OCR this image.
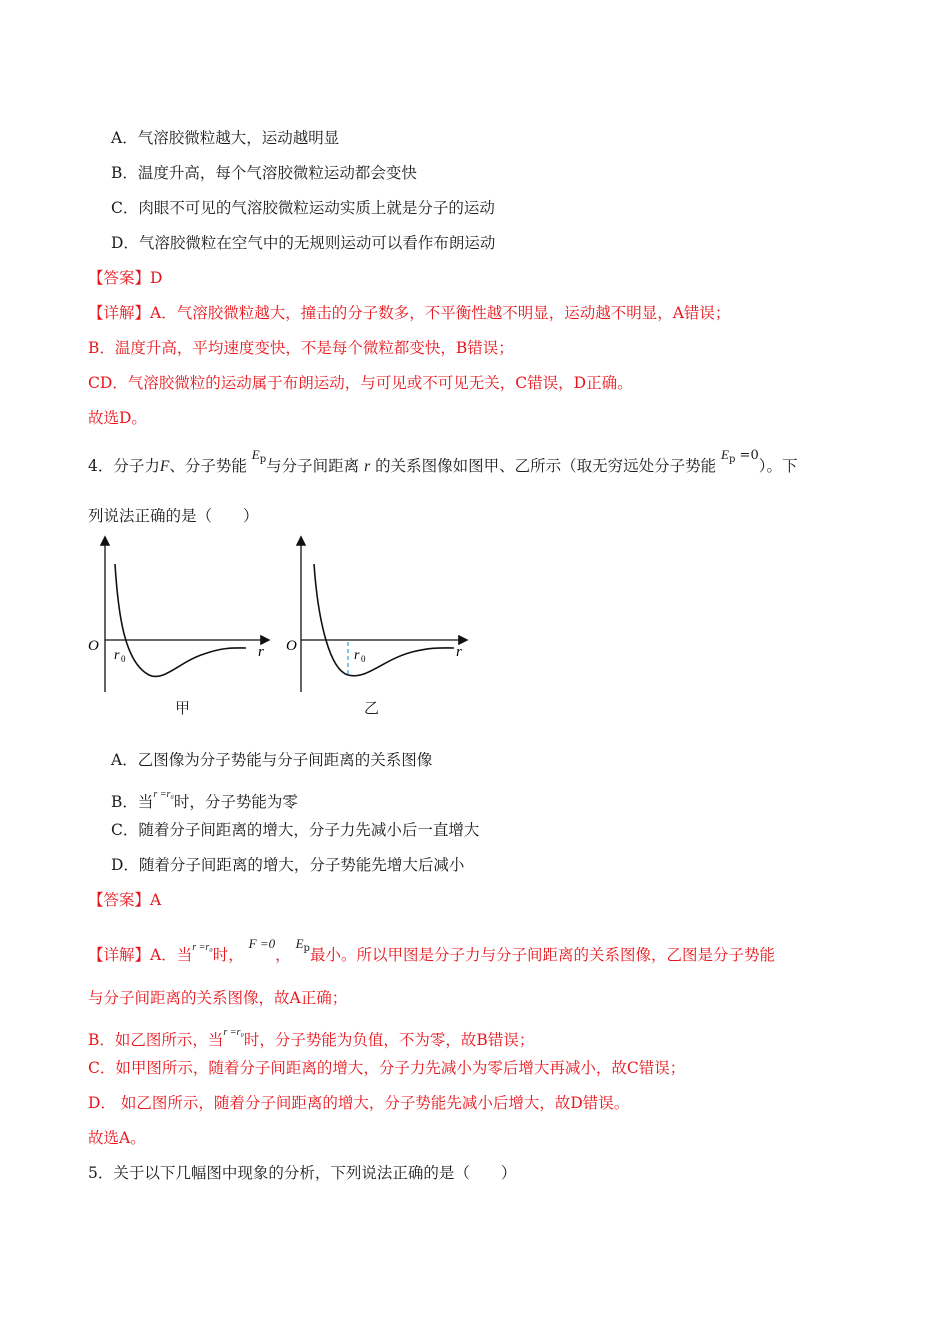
A．气溶胶微粒越大，运动越明显
B．温度升高，每个气溶胶微粒运动都会变快
C．肉眼不可见的气溶胶微粒运动实质上就是分子的运动
D．气溶胶微粒在空气中的无规则运动可以看作布朗运动
【答案】D
【详解】A．气溶胶微粒越大，撞击的分子数多，不平衡性越不明显，运动越不明显，A错误；
B．温度升高，平均速度变快，不是每个微粒都变快，B错误；
CD．气溶胶微粒的运动属于布朗运动，与可见或不可见无关，C错误，D正确。
故选D。
4．分子力F、分子势能 $^{E_p}$与分子间距离 r 的关系图像如图甲、乙所示（取无穷远处分子势能 $^{E_p =0}$）。下
列说法正确的是（　　）
O
r 0	r
甲
O
r 0	r
乙
A．乙图像为分子势能与分子间距离的关系图像
B．当$^{r =r_0}$时，分子势能为零
C．随着分子间距离的增大，分子力先减小后一直增大
D．随着分子间距离的增大，分子势能先增大后减小
【答案】A
【详解】A．当$^{r =r_0}$时， $^{F =0}$， $^{E_p}$最小。所以甲图是分子力与分子间距离的关系图像，乙图是分子势能
与分子间距离的关系图像，故A正确；
B．如乙图所示，当$^{r =r_0}$时，分子势能为负值，不为零，故B错误；
C．如甲图所示，随着分子间距离的增大，分子力先减小为零后增大再减小，故C错误；
D． 如乙图所示，随着分子间距离的增大，分子势能先减小后增大，故D错误。
故选A。
5．关于以下几幅图中现象的分析，下列说法正确的是（　　）
